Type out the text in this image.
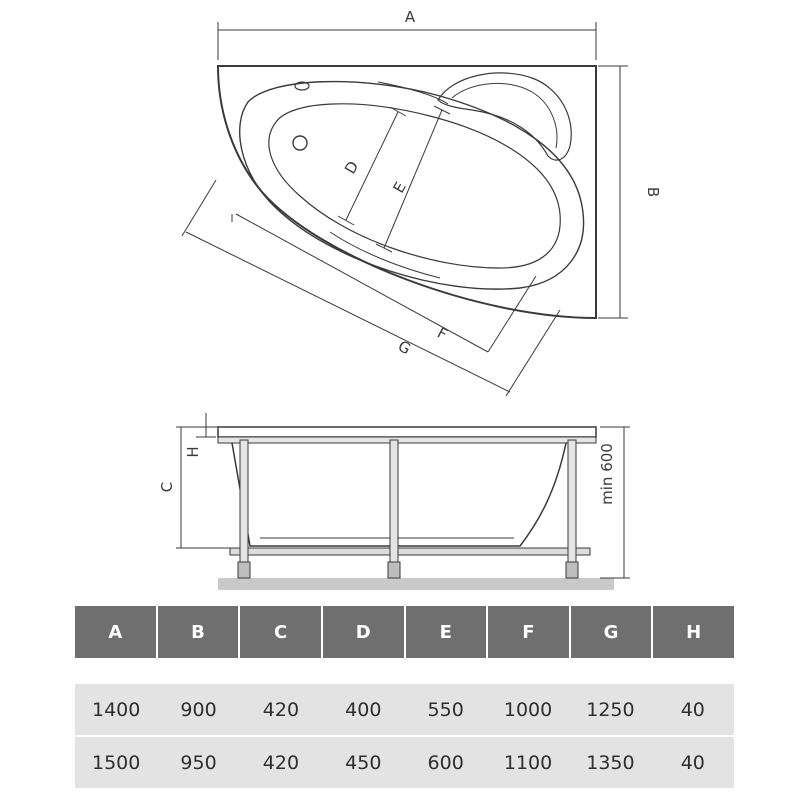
A
B
D
E
F
G
H
C	min 600
A	B	C	D	E	F	G	H
1400	900	420	400	550	1000	1250	40
1500	950	420	450	600	1100	1350	40
